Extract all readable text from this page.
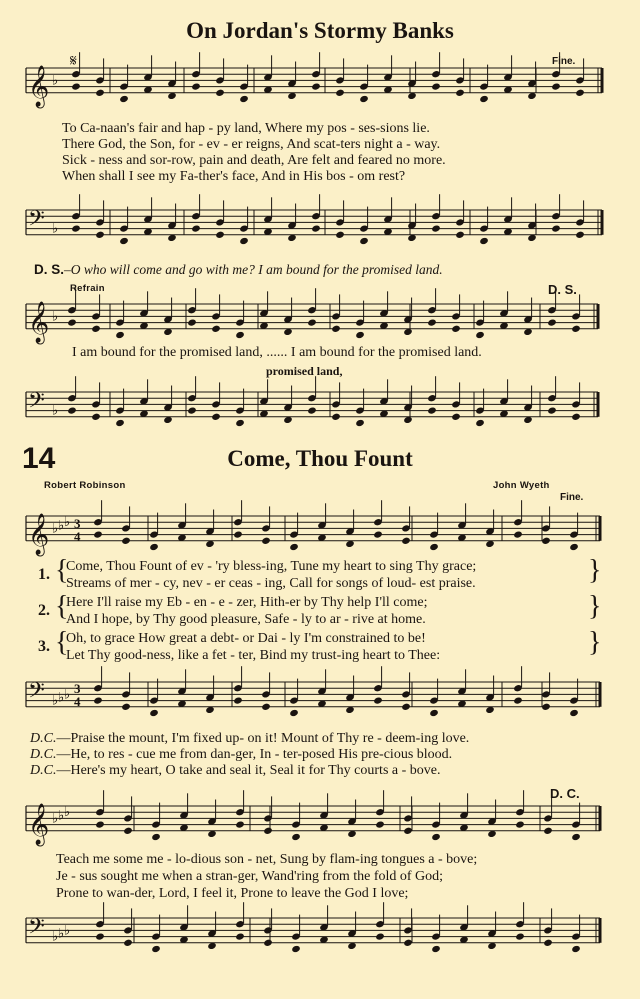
On Jordan's Stormy Banks
𝄞 ♭
𝄋
𝄢 ♭
𝄞 ♭
𝄢 ♭
𝄞 ♭ ♭ ♭ 3
4
𝄢 ♭ ♭ ♭ 3
4
𝄞 ♭ ♭ ♭
𝄢 ♭ ♭ ♭
Fine.
To Ca-naan's fair and hap - py land, Where my pos - ses-sions lie.
There God, the Son, for - ev - er reigns, And scat-ters night a - way.
Sick - ness and sor-row, pain and death, Are felt and feared no more.
When shall I see my Fa-ther's face, And in His bos - om rest?
D. S.–O who will come and go with me? I am bound for the promised land.
Refrain	D. S.
I am bound for the promised land, ...... I am bound for the promised land.
promised land,
14	Come, Thou Fount
Robert Robinson	John Wyeth
Fine.
1. {
Come, Thou Fount of ev - 'ry bless-ing, Tune my heart to sing Thy grace;
Streams of mer - cy, nev - er ceas - ing, Call for songs of loud- est praise.	}
2. {
Here I'll raise my Eb - en - e - zer, Hith-er by Thy help I'll come;
And I hope, by Thy good pleasure, Safe - ly to ar - rive at home.	}
3. {
Oh, to grace How great a debt- or Dai - ly I'm constrained to be!
Let Thy good-ness, like a fet - ter, Bind my trust-ing heart to Thee:	}
D.C.—Praise the mount, I'm fixed up- on it! Mount of Thy re - deem-ing love.
D.C.—He, to res - cue me from dan-ger, In - ter-posed His pre-cious blood.
D.C.—Here's my heart, O take and seal it, Seal it for Thy courts a - bove.
D. C.
Teach me some me - lo-dious son - net, Sung by flam-ing tongues a - bove;
Je - sus sought me when a stran-ger, Wand'ring from the fold of God;
Prone to wan-der, Lord, I feel it, Prone to leave the God I love;
